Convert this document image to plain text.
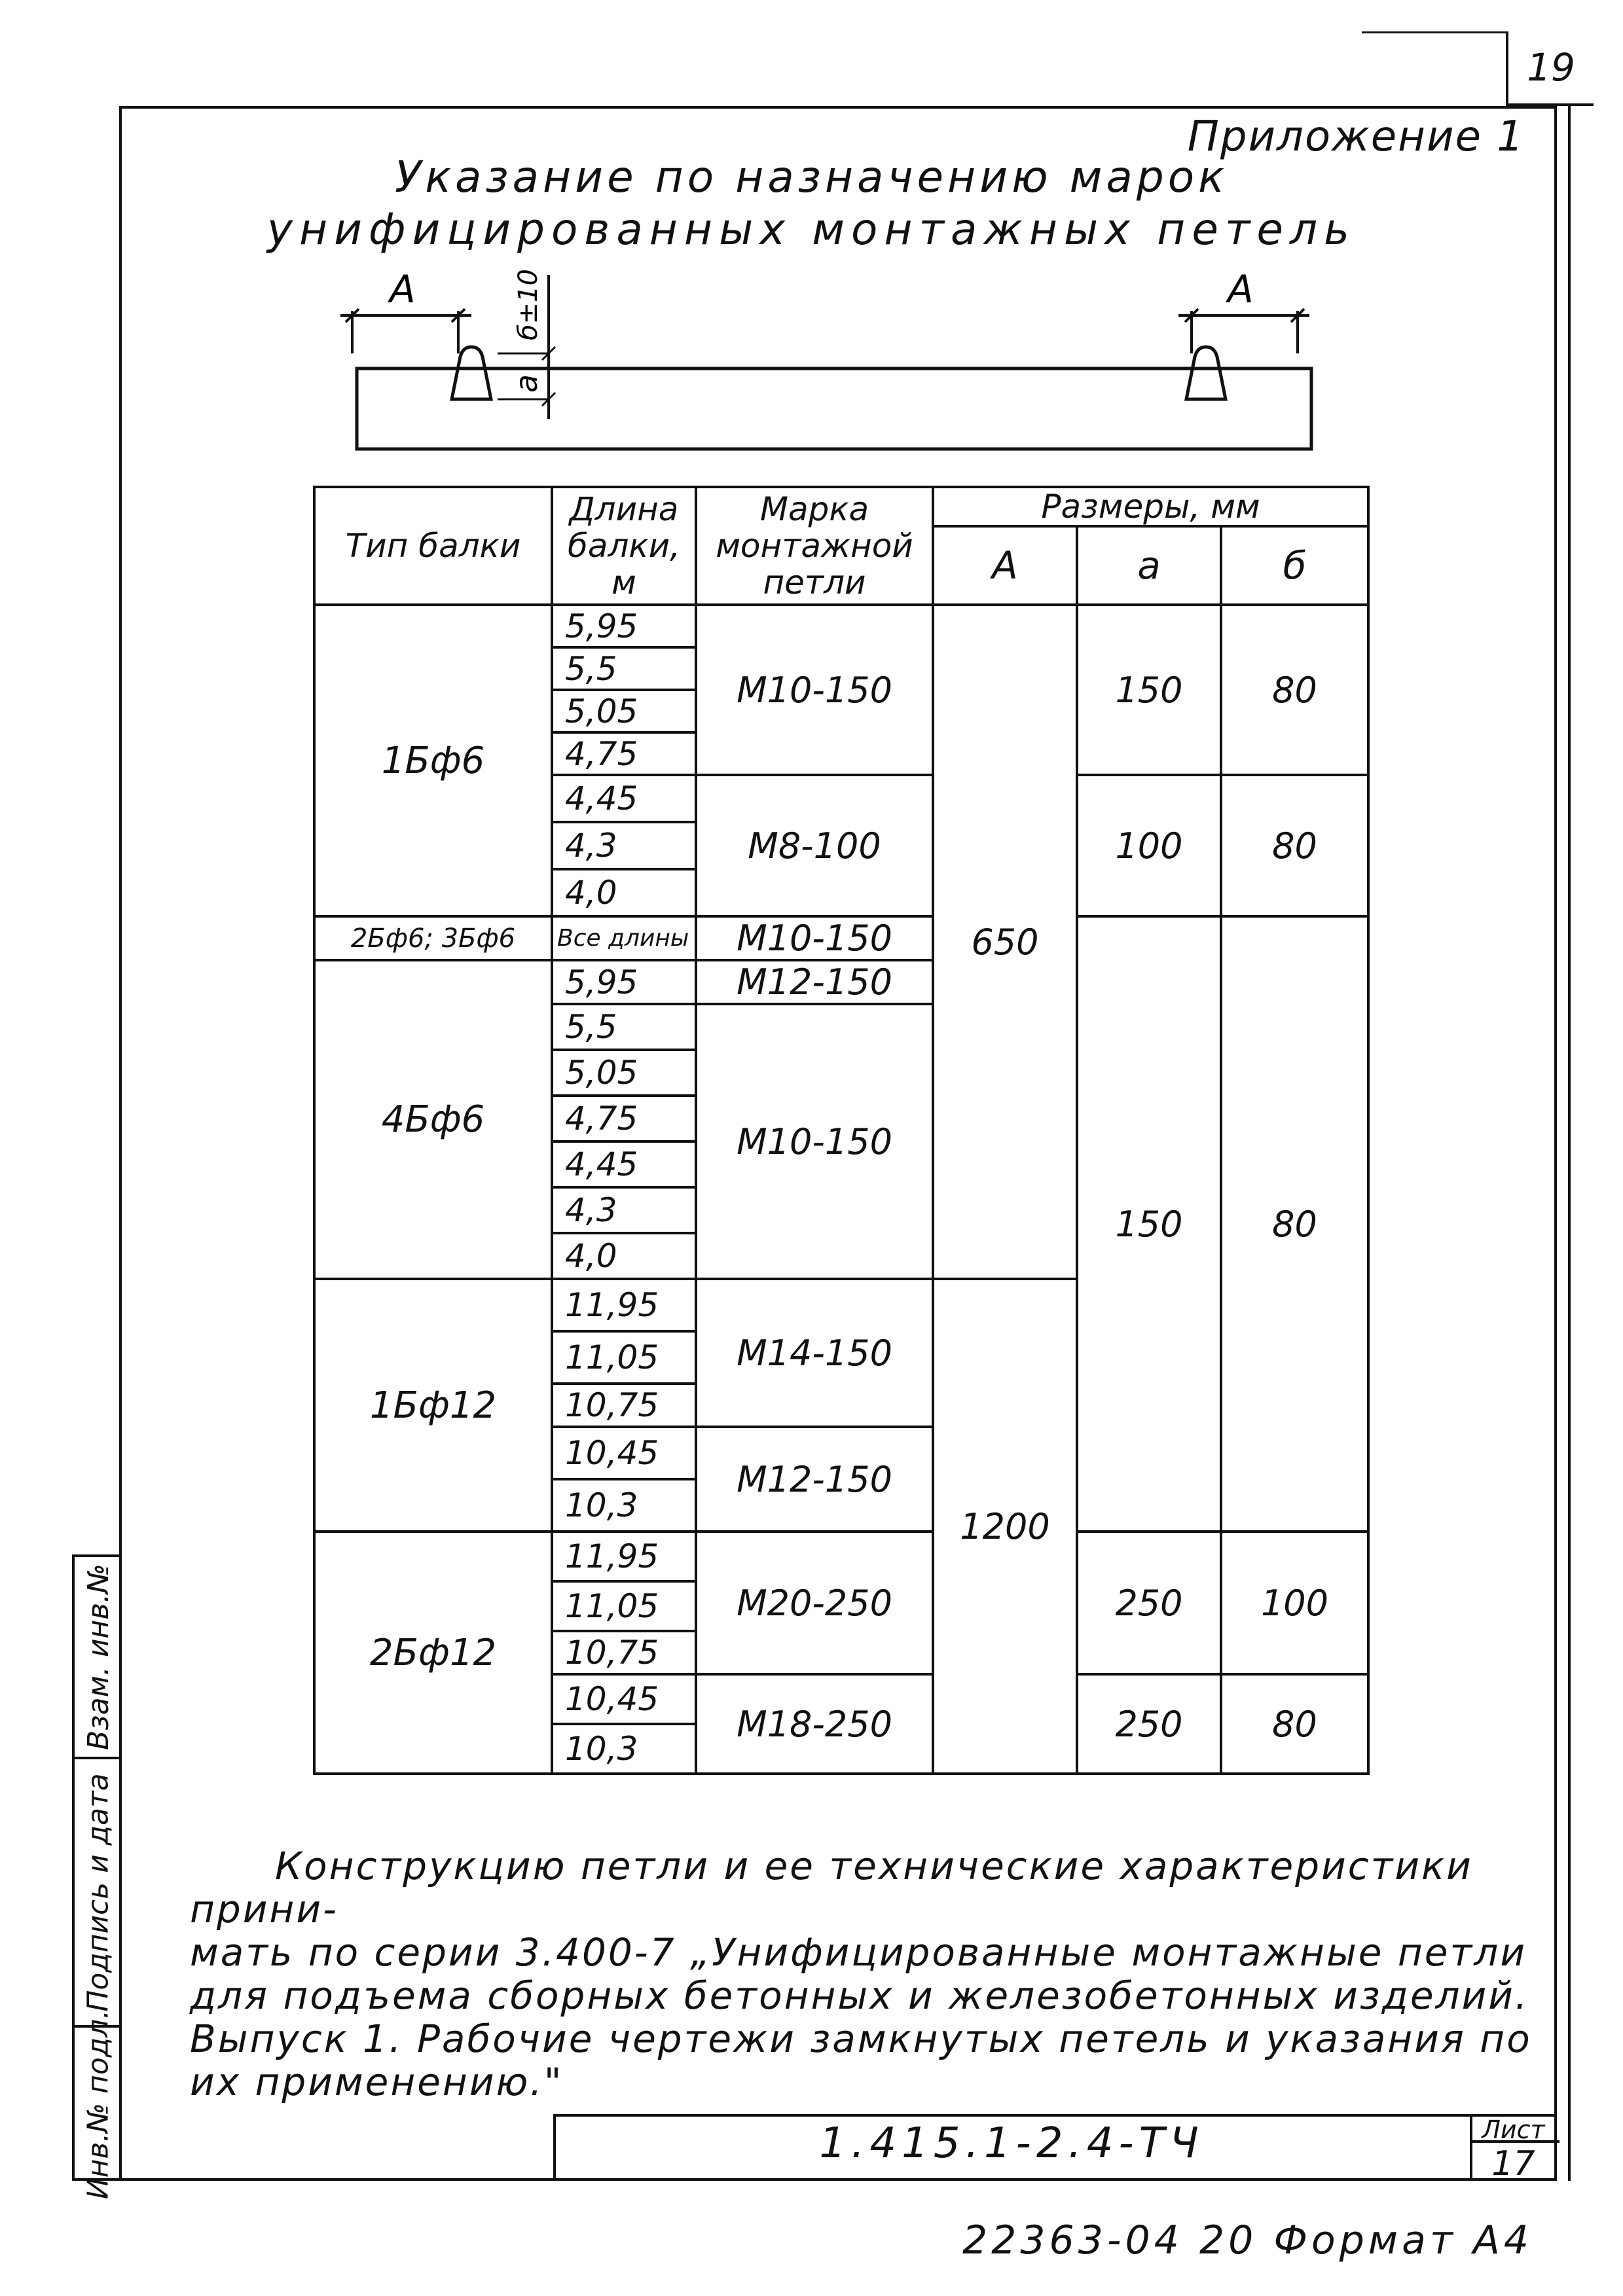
19
Приложение 1
Указание по назначению марок
унифицированных монтажных петель
A	A
a
б±10
Тип балки	Длина балки, м	Марка монтажной петли	Размеры, мм		
			А	a	б
1Бф6	5,95	М10-150	650	150	80
	5,5				
	5,05				
	4,75				
	4,45	М8-100		100	80
	4,3				
	4,0				
2Бф6; 3Бф6	Все длины	М10-150		150	80
4Бф6	5,95	М12-150			
	5,5	М10-150			
	5,05				
	4,75				
	4,45				
	4,3				
	4,0				
1Бф12	11,95	М14-150	1200		
	11,05				
	10,75				
	10,45	М12-150			
	10,3				
2Бф12	11,95	М20-250		250	100
	11,05				
	10,75				
	10,45	М18-250		250	80
	10,3				

Конструкцию петли и ее технические характеристики прини-

мать по серии 3.400-7 „Унифицированные монтажные петли

для подъема сборных бетонных и железобетонных изделий.

Выпуск 1. Рабочие чертежи замкнутых петель и указания по

их применению."

Взам. инв.№
Подпись и дата
Инв.№ подл.	1.415.1-2.4-ТЧ	Лист
17
22363-04 20 Формат А4
